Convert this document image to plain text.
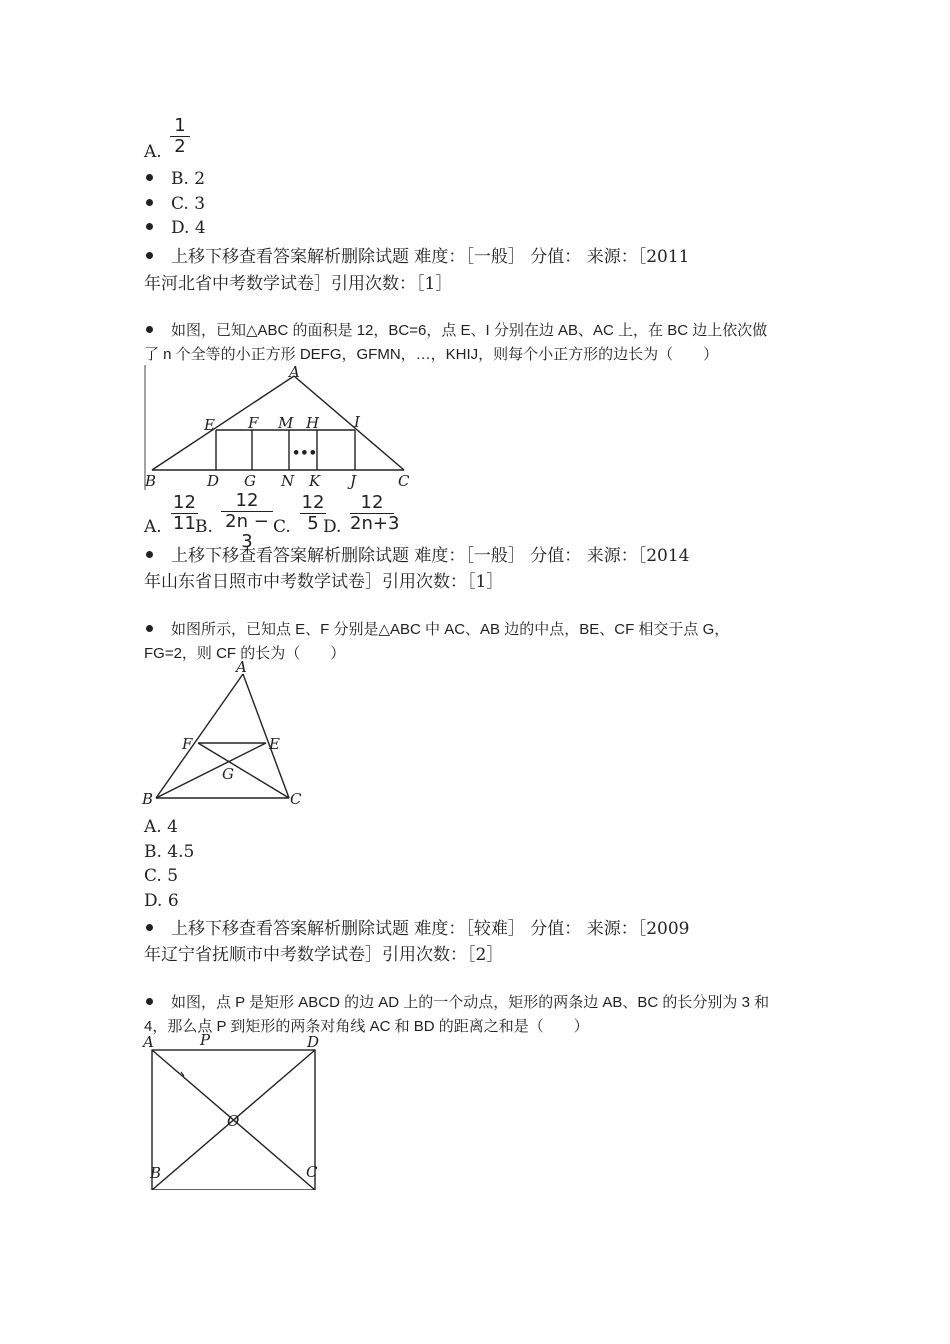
A.
1
2
B. 2
C. 3
D. 4
上移下移查看答案解析删除试题 难度：［一般］ 分值： 来源：［2011
年河北省中考数学试卷］引用次数：［1］
如图，已知△ABC 的面积是 12，BC=6，点 E、I 分别在边 AB、AC 上，在 BC 边上依次做
了 n 个全等的小正方形 DEFG，GFMN，…，KHIJ，则每个小正方形的边长为（　　）
A
E F M H I
•••
B	D G N K J	C
A.
12
11 B.
12
2n − 3
C.
12
5 D.
12
2n+3
上移下移查看答案解析删除试题 难度：［一般］ 分值： 来源：［2014
年山东省日照市中考数学试卷］引用次数：［1］
如图所示，已知点 E、F 分别是△ABC 中 AC、AB 边的中点，BE、CF 相交于点 G，
FG=2，则 CF 的长为（　　）
A
F	E
G
B	C
A. 4
B. 4.5
C. 5
D. 6
上移下移查看答案解析删除试题 难度：［较难］ 分值： 来源：［2009
年辽宁省抚顺市中考数学试卷］引用次数：［2］
如图，点 P 是矩形 ABCD 的边 AD 上的一个动点，矩形的两条边 AB、BC 的长分别为 3 和
4，那么点 P 到矩形的两条对角线 AC 和 BD 的距离之和是（　　）
A	P	D
O
B	C
